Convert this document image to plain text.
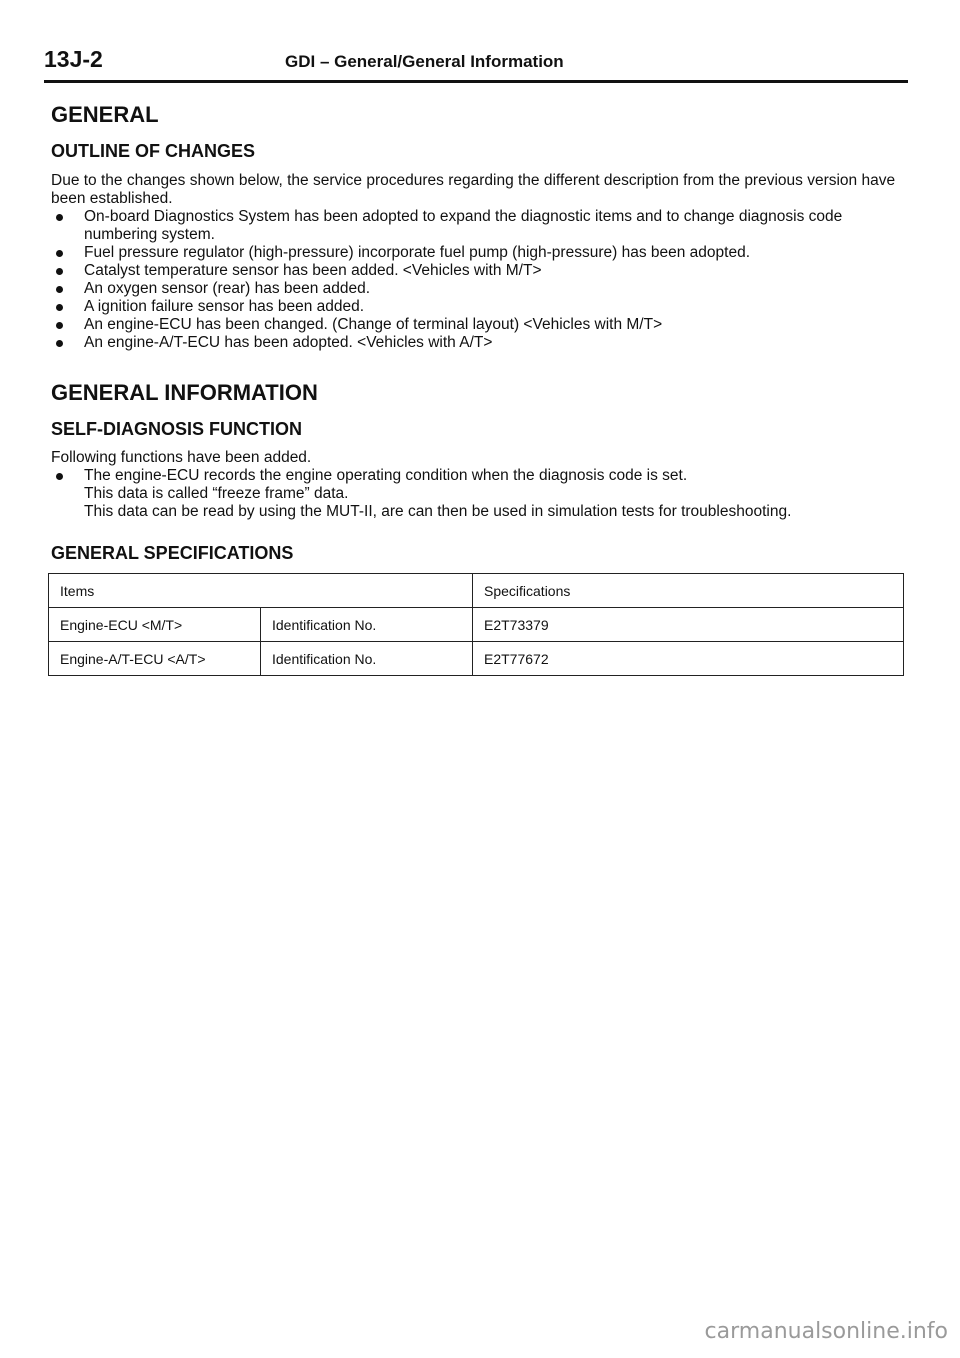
13J-2	GDI – General/General Information
GENERAL
OUTLINE OF CHANGES

Due to the changes shown below, the service procedures regarding the different description from the previous version have been established.

On-board Diagnostics System has been adopted to expand the diagnostic items and to change diagnosis code numbering system.
Fuel pressure regulator (high-pressure) incorporate fuel pump (high-pressure) has been adopted.
Catalyst temperature sensor has been added. <Vehicles with M/T>
An oxygen sensor (rear) has been added.
A ignition failure sensor has been added.
An engine-ECU has been changed. (Change of terminal layout) <Vehicles with M/T>
An engine-A/T-ECU has been adopted. <Vehicles with A/T>
GENERAL INFORMATION
SELF-DIAGNOSIS FUNCTION

Following functions have been added.

The engine-ECU records the engine operating condition when the diagnosis code is set.
This data is called “freeze frame” data.
This data can be read by using the MUT-II, are can then be used in simulation tests for troubleshooting.
GENERAL SPECIFICATIONS
Items		Specifications
Engine-ECU <M/T>	Identification No.	E2T73379
Engine-A/T-ECU <A/T>	Identification No.	E2T77672
carmanualsonline.info
